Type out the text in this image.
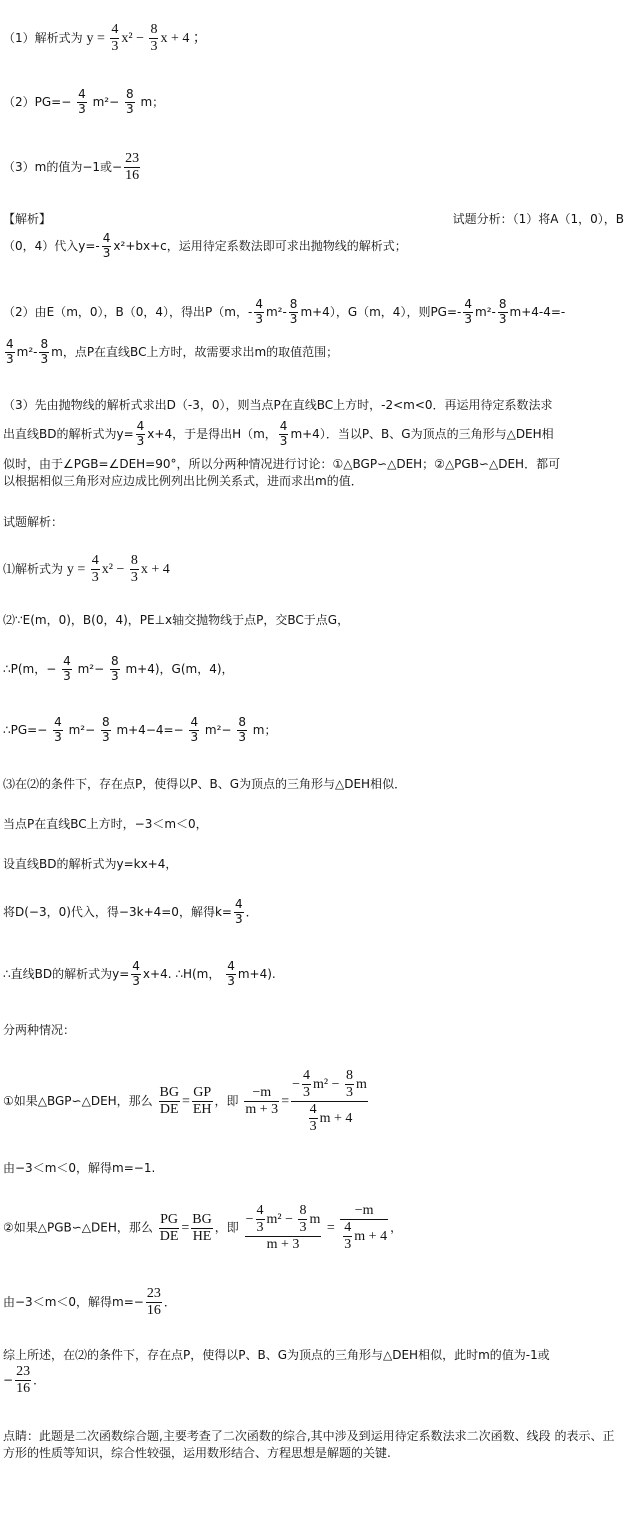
（1）解析式为 $y = \frac{4}{3} x^2 - \frac{8}{3}$ x + 4 ；
$(2)PG=- \frac{4}{3} m^2- \frac{8}{3}$ m；
（3）m的值为−1或− $\frac{23}{16}$
【解析】	试题分析：（1）将A（1，0），B
（0，4）代入$y=- \frac{4}{3} x^2+bx+c$，运用待定系数法即可求出抛物线的解析式；
（2）由E（m，0），B（0，4），得出P（m，- $\frac{4}{3} m^2- \frac{8}{3} m+4$），G（m，4），则$PG=- \frac{4}{3} m^2- \frac{8}{3} m+4-4=-$
$\frac{4}{3} m^2- \frac{8}{3}$ m，点P在直线BC上方时，故需要求出m的取值范围；
（3）先由抛物线的解析式求出D（-3，0），则当点P在直线BC上方时，-2<m<0．再运用待定系数法求
出直线BD的解析式为$y= \frac{4}{3} x+4$，于是得出H（m， $\frac{4}{3} m+4$）．当以P、B、G为顶点的三角形与△DEH相
似时，由于∠PGB=∠DEH=90°，所以分两种情况进行讨论：①△BGP∽△DEH；②△PGB∽△DEH．都可
以根据相似三角形对应边成比例列出比例关系式，进而求出m的值．
试题解析：
⑴解析式为 $y = \frac{4}{3} x^2 - \frac{8}{3}$ x + 4
⑵∵E(m，0)，B(0，4)，PE⊥x轴交抛物线于点P，交BC于点G，
∴P(m，− $\frac{4}{3} m^2- \frac{8}{3} m+4$)，G(m，4)，
∴PG=− $\frac{4}{3} m^2- \frac{8}{3} m+4-4=- \frac{4}{3} m^2- \frac{8}{3}$ m；
⑶在⑵的条件下，存在点P，使得以P、B、G为顶点的三角形与△DEH相似．
当点P在直线BC上方时，−3＜m＜0，
设直线BD的解析式为y=kx+4，
将D(−3，0)代入，得−3k+4=0，解得$k= \frac{4}{3}$ ．
∴直线BD的解析式为$y= \frac{4}{3} x+4$. ∴H(m， $\frac{4}{3} m+4$).
分两种情况：
①如果△BGP∽△DEH，那么 $\frac{BG}{DE} = \frac{GP}{EH}$ ，即 $\frac{-m}{m + 3} = \frac{- \frac{4}{3} m^2 - \frac{8}{3} m}{\frac{4}{3} m + 4}$
由−3＜m＜0，解得m=−1.
②如果△PGB∽△DEH，那么 $\frac{PG}{DE} = \frac{BG}{HE}$ ，即 $\frac{- \frac{4}{3} m^2 - \frac{8}{3} m}{m + 3} = \frac{-m}{\frac{4}{3} m + 4}$ ，
由−3＜m＜0，解得$m=- \frac{23}{16}$ ．
综上所述，在⑵的条件下，存在点P，使得以P、B、G为顶点的三角形与△DEH相似，此时m的值为-1或
− $\frac{23}{16}$ ．
点睛：此题是二次函数综合题,主要考查了二次函数的综合,其中涉及到运用待定系数法求二次函数、线段 的表示、正方形的性质等知识，综合性较强，运用数形结合、方程思想是解题的关键.
